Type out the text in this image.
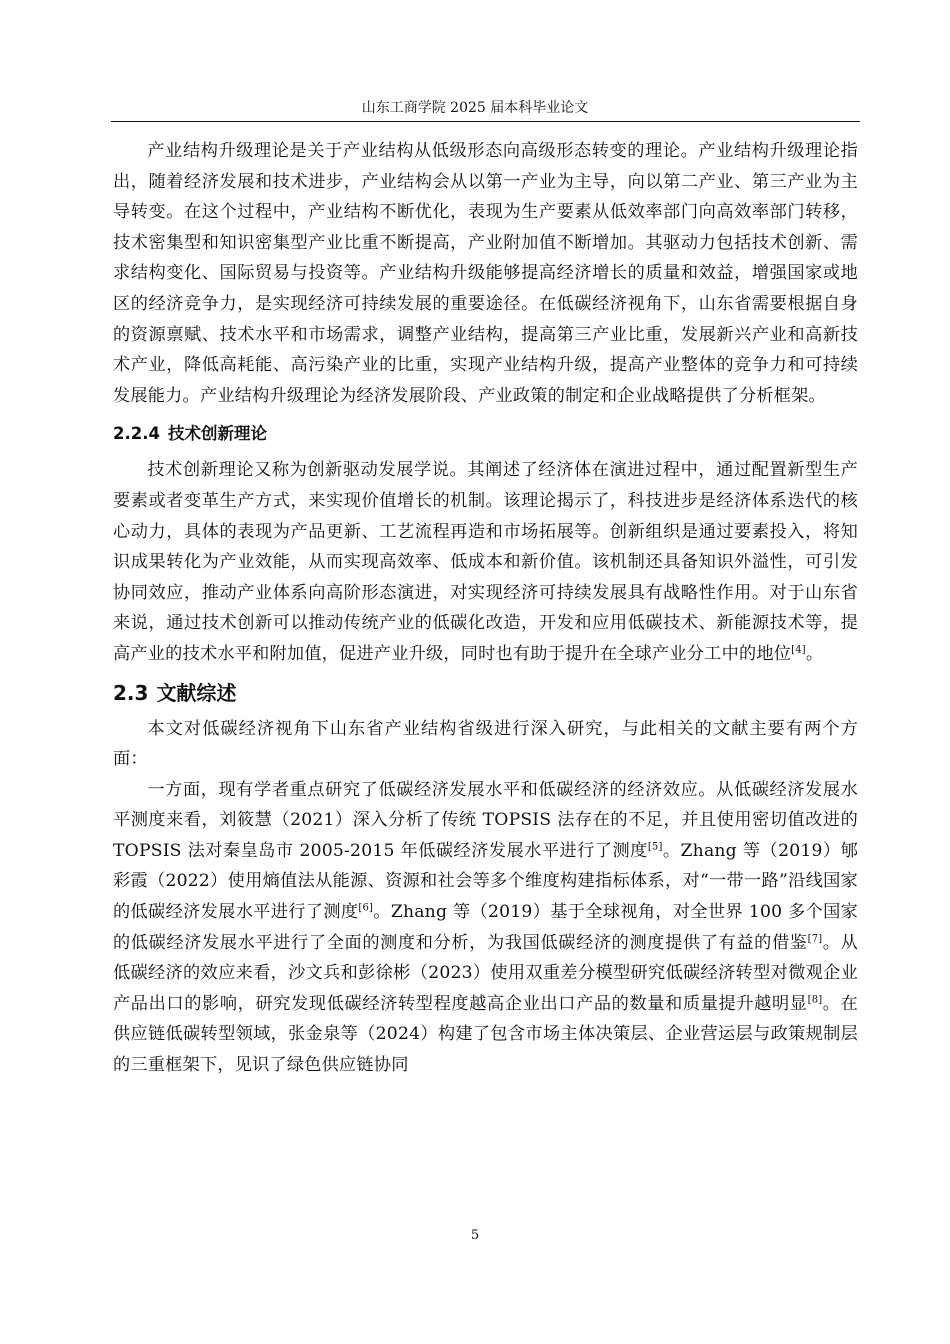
山东工商学院 2025 届本科毕业论文

产业结构升级理论是关于产业结构从低级形态向高级形态转变的理论。产业结构升级理论指出，随着经济发展和技术进步，产业结构会从以第一产业为主导，向以第二产业、第三产业为主导转变。在这个过程中，产业结构不断优化，表现为生产要素从低效率部门向高效率部门转移，技术密集型和知识密集型产业比重不断提高，产业附加值不断增加。其驱动力包括技术创新、需求结构变化、国际贸易与投资等。产业结构升级能够提高经济增长的质量和效益，增强国家或地区的经济竞争力，是实现经济可持续发展的重要途径。在低碳经济视角下，山东省需要根据自身的资源禀赋、技术水平和市场需求，调整产业结构，提高第三产业比重，发展新兴产业和高新技术产业，降低高耗能、高污染产业的比重，实现产业结构升级，提高产业整体的竞争力和可持续发展能力。产业结构升级理论为经济发展阶段、产业政策的制定和企业战略提供了分析框架。

2.2.4 技术创新理论

技术创新理论又称为创新驱动发展学说。其阐述了经济体在演进过程中，通过配置新型生产要素或者变革生产方式，来实现价值增长的机制。该理论揭示了，科技进步是经济体系迭代的核心动力，具体的表现为产品更新、工艺流程再造和市场拓展等。创新组织是通过要素投入，将知识成果转化为产业效能，从而实现高效率、低成本和新价值。该机制还具备知识外溢性，可引发协同效应，推动产业体系向高阶形态演进，对实现经济可持续发展具有战略性作用。对于山东省来说，通过技术创新可以推动传统产业的低碳化改造，开发和应用低碳技术、新能源技术等，提高产业的技术水平和附加值，促进产业升级，同时也有助于提升在全球产业分工中的地位[4]。

2.3 文献综述

本文对低碳经济视角下山东省产业结构省级进行深入研究，与此相关的文献主要有两个方面：

一方面，现有学者重点研究了低碳经济发展水平和低碳经济的经济效应。从低碳经济发展水平测度来看，刘筱慧（2021）深入分析了传统 TOPSIS 法存在的不足，并且使用密切值改进的 TOPSIS 法对秦皇岛市 2005-2015 年低碳经济发展水平进行了测度[5]。Zhang 等（2019）郇彩霞（2022）使用熵值法从能源、资源和社会等多个维度构建指标体系，对“一带一路”沿线国家的低碳经济发展水平进行了测度[6]。Zhang 等（2019）基于全球视角，对全世界 100 多个国家的低碳经济发展水平进行了全面的测度和分析，为我国低碳经济的测度提供了有益的借鉴[7]。从低碳经济的效应来看，沙文兵和彭徐彬（2023）使用双重差分模型研究低碳经济转型对微观企业产品出口的影响，研究发现低碳经济转型程度越高企业出口产品的数量和质量提升越明显[8]。在供应链低碳转型领域，张金泉等（2024）构建了包含市场主体决策层、企业营运层与政策规制层的三重框架下，见识了绿色供应链协同

5
